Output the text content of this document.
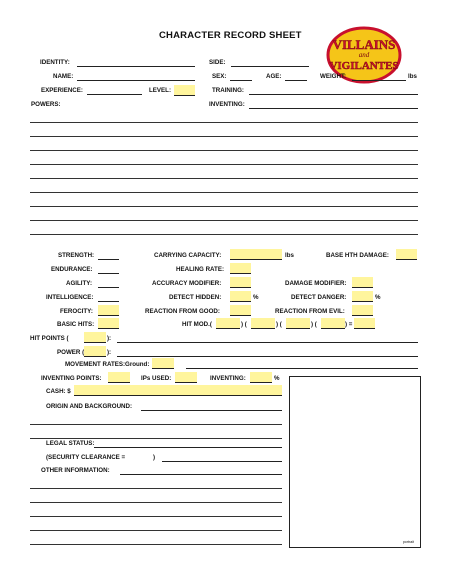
CHARACTER RECORD SHEET
VILLAINS
and
VIGILANTES
IDENTITY:	SIDE:
NAME:	SEX:	AGE:	WEIGHT:	lbs
EXPERIENCE:	LEVEL:	TRAINING:
POWERS:	INVENTING:
STRENGTH:	CARRYING CAPACITY:	lbs	BASE HTH DAMAGE:
ENDURANCE:	HEALING RATE:
AGILITY:	ACCURACY MODIFIER:	DAMAGE MODIFIER:
INTELLIGENCE:	DETECT HIDDEN:	%	DETECT DANGER:	%
FEROCITY:	REACTION FROM GOOD:	REACTION FROM EVIL:
BASIC HITS:	HIT MOD.(	) (	) (	) (	) =
HIT POINTS (	):
POWER (	):
MOVEMENT RATES: Ground:
INVENTING POINTS:	IPs USED:	INVENTING:	%
CASH: $
ORIGIN AND BACKGROUND:
LEGAL STATUS:
(SECURITY CLEARANCE =	)
OTHER INFORMATION:
portrait
